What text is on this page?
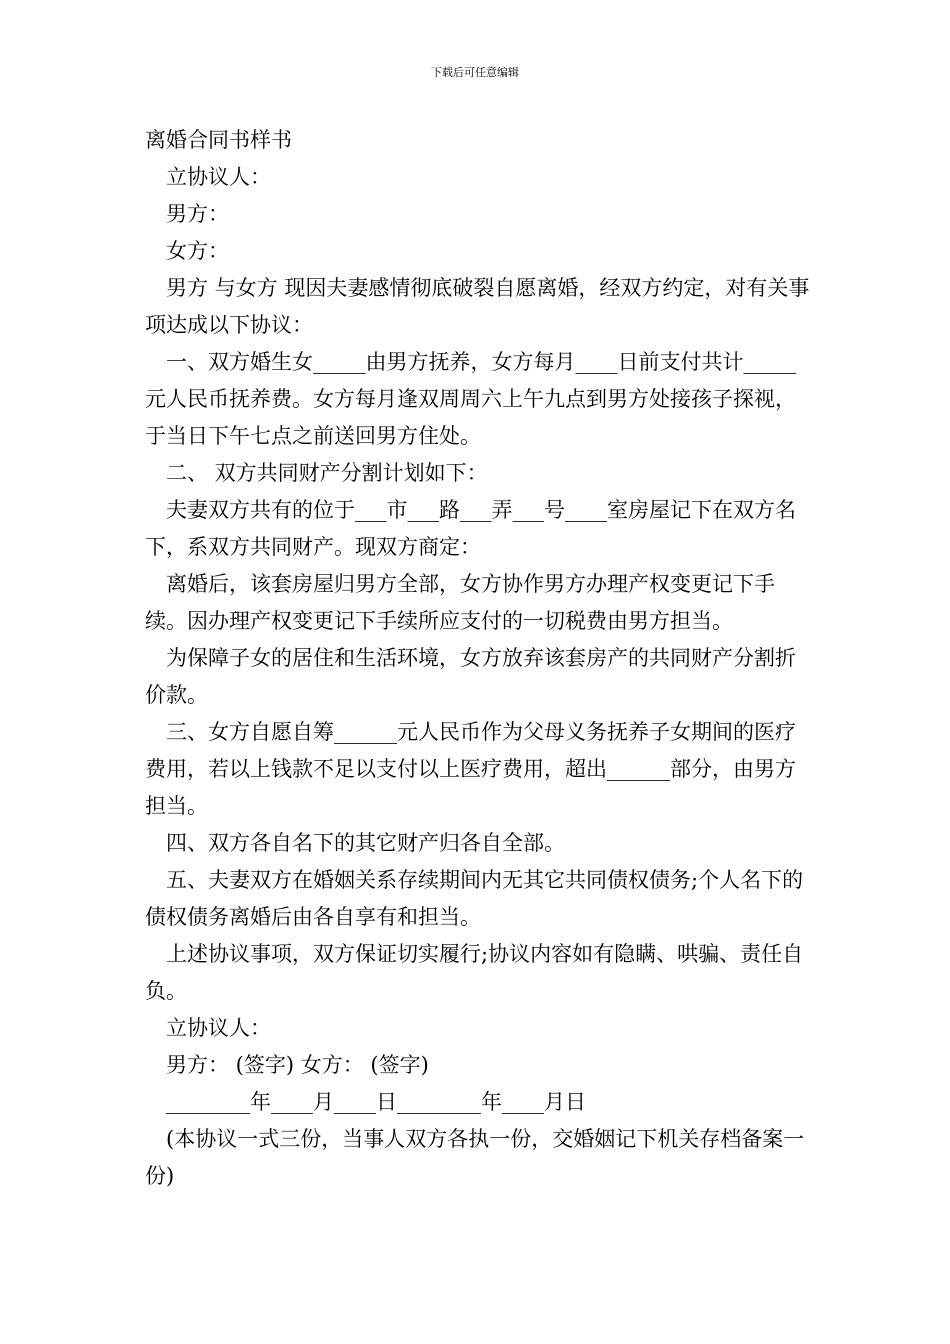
下载后可任意编辑

离婚合同书样书

立协议人：

男方：

女方：

男方 与女方 现因夫妻感情彻底破裂自愿离婚，经双方约定，对有关事项达成以下协议：

一、双方婚生女_____由男方抚养，女方每月____日前支付共计_____元人民币抚养费。女方每月逢双周周六上午九点到男方处接孩子探视，于当日下午七点之前送回男方住处。

二、 双方共同财产分割计划如下：

夫妻双方共有的位于___市___路___弄___号____室房屋记下在双方名下，系双方共同财产。现双方商定：

离婚后，该套房屋归男方全部，女方协作男方办理产权变更记下手续。因办理产权变更记下手续所应支付的一切税费由男方担当。

为保障子女的居住和生活环境，女方放弃该套房产的共同财产分割折价款。

三、女方自愿自筹______元人民币作为父母义务抚养子女期间的医疗费用，若以上钱款不足以支付以上医疗费用，超出______部分，由男方担当。

四、双方各自名下的其它财产归各自全部。

五、夫妻双方在婚姻关系存续期间内无其它共同债权债务;个人名下的债权债务离婚后由各自享有和担当。

上述协议事项，双方保证切实履行;协议内容如有隐瞒、哄骗、责任自负。

立协议人：

男方： (签字) 女方： (签字)

________年____月____日________年____月日

(本协议一式三份，当事人双方各执一份，交婚姻记下机关存档备案一份)
